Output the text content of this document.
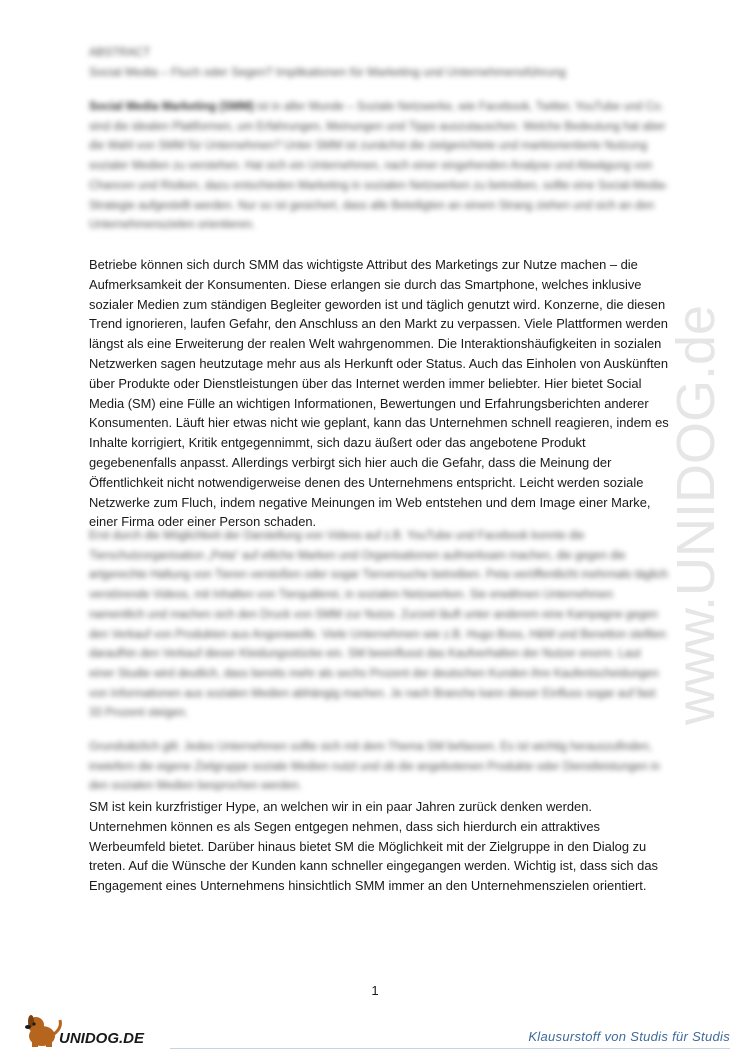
ABSTRACT
Social Media – Fluch oder Segen? Implikationen für Marketing und Unternehmensführung
Social Media Marketing (SMM) ist in aller Munde – Soziale Netzwerke, wie Facebook, Twitter, YouTube und Co. sind die idealen Plattformen, um Erfahrungen, Meinungen und Tipps auszutauschen. Welche Bedeutung hat aber die Wahl von SMM für Unternehmen? Unter SMM ist zunächst die zielgerichtete und marktorientierte Nutzung sozialer Medien zu verstehen. Hat sich ein Unternehmen, nach einer eingehenden Analyse und Abwägung von Chancen und Risiken, dazu entschieden Marketing in sozialen Netzwerken zu betreiben, sollte eine Social-Media-Strategie aufgestellt werden. Nur so ist gesichert, dass alle Beteiligten an einem Strang ziehen und sich an den Unternehmenszielen orientieren.
Betriebe können sich durch SMM das wichtigste Attribut des Marketings zur Nutze machen – die Aufmerksamkeit der Konsumenten. Diese erlangen sie durch das Smartphone, welches inklusive sozialer Medien zum ständigen Begleiter geworden ist und täglich genutzt wird. Konzerne, die diesen Trend ignorieren, laufen Gefahr, den Anschluss an den Markt zu verpassen. Viele Plattformen werden längst als eine Erweiterung der realen Welt wahrgenommen. Die Interaktionshäufigkeiten in sozialen Netzwerken sagen heutzutage mehr aus als Herkunft oder Status. Auch das Einholen von Auskünften über Produkte oder Dienstleistungen über das Internet werden immer beliebter. Hier bietet Social Media (SM) eine Fülle an wichtigen Informationen, Bewertungen und Erfahrungsberichten anderer Konsumenten. Läuft hier etwas nicht wie geplant, kann das Unternehmen schnell reagieren, indem es Inhalte korrigiert, Kritik entgegennimmt, sich dazu äußert oder das angebotene Produkt gegebenenfalls anpasst. Allerdings verbirgt sich hier auch die Gefahr, dass die Meinung der Öffentlichkeit nicht notwendigerweise denen des Unternehmens entspricht. Leicht werden soziale Netzwerke zum Fluch, indem negative Meinungen im Web entstehen und dem Image einer Marke, einer Firma oder einer Person schaden.
Erst durch die Möglichkeit der Darstellung von Videos auf z.B. YouTube und Facebook konnte die Tierschutzorganisation „Peta“ auf etliche Marken und Organisationen aufmerksam machen, die gegen die artgerechte Haltung von Tieren verstoßen oder sogar Tierversuche betreiben. Peta veröffentlicht mehrmals täglich verstörende Videos, mit Inhalten von Tierquälerei, in sozialen Netzwerken. Sie erwähnen Unternehmen namentlich und machen sich den Druck von SMM zur Nutze. Zurzeit läuft unter anderem eine Kampagne gegen den Verkauf von Produkten aus Angorawolle. Viele Unternehmen wie z.B. Hugo Boss, H&M und Benetton stellten daraufhin den Verkauf dieser Kleidungsstücke ein. SM beeinflusst das Kaufverhalten der Nutzer enorm. Laut einer Studie wird deutlich, dass bereits mehr als sechs Prozent der deutschen Kunden ihre Kaufentscheidungen von Informationen aus sozialen Medien abhängig machen. Je nach Branche kann dieser Einfluss sogar auf fast 33 Prozent steigen.
Grundsätzlich gilt: Jedes Unternehmen sollte sich mit dem Thema SM befassen. Es ist wichtig herauszufinden, inwiefern die eigene Zielgruppe soziale Medien nutzt und ob die angebotenen Produkte oder Dienstleistungen in den sozialen Medien besprochen werden.
SM ist kein kurzfristiger Hype, an welchen wir in ein paar Jahren zurück denken werden. Unternehmen können es als Segen entgegen nehmen, dass sich hierdurch ein attraktives Werbeumfeld bietet. Darüber hinaus bietet SM die Möglichkeit mit der Zielgruppe in den Dialog zu treten. Auf die Wünsche der Kunden kann schneller eingegangen werden. Wichtig ist, dass sich das Engagement eines Unternehmens hinsichtlich SMM immer an den Unternehmenszielen orientiert.
www.UNIDOG.de
1
UNIDOG.DE	Klausurstoff von Studis für Studis
